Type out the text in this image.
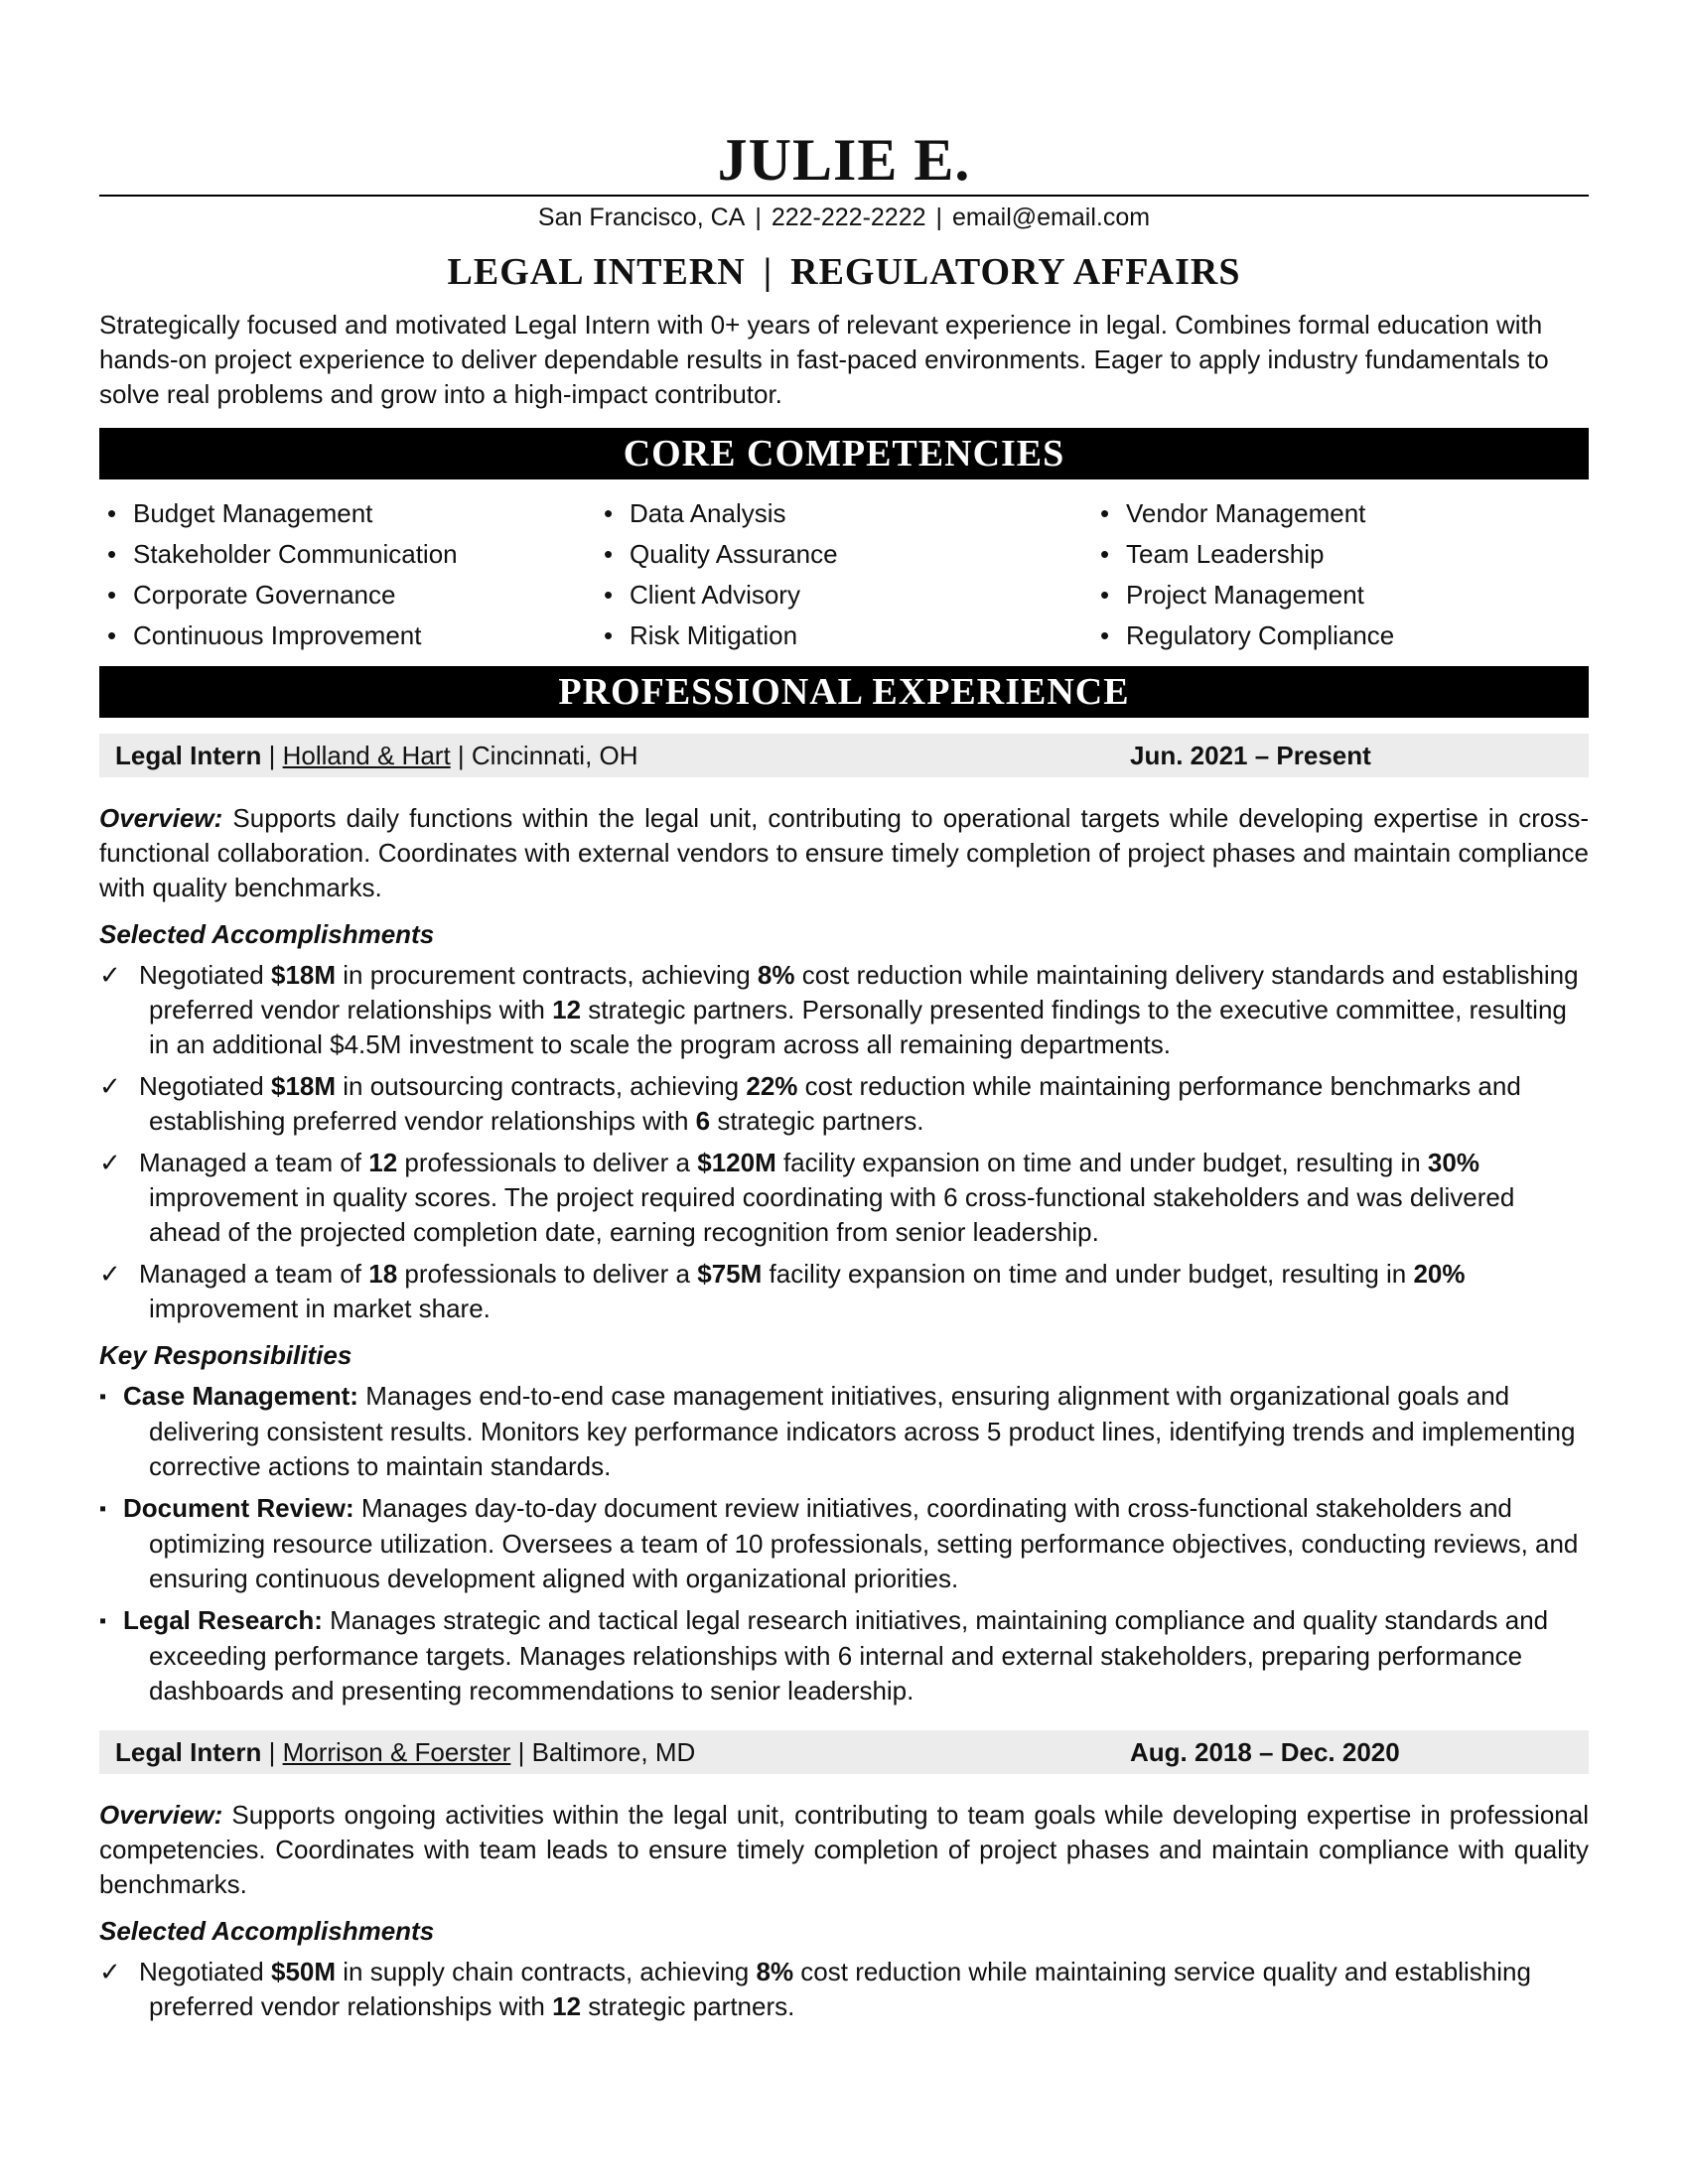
JULIE E.
San Francisco, CA | 222-222-2222 | email@email.com
LEGAL INTERN | REGULATORY AFFAIRS

Strategically focused and motivated Legal Intern with 0+ years of relevant experience in legal. Combines formal education with hands-on project experience to deliver dependable results in fast-paced environments. Eager to apply industry fundamentals to solve real problems and grow into a high-impact contributor.

CORE COMPETENCIES
• Budget Management
• Stakeholder Communication
• Corporate Governance
• Continuous Improvement
• Data Analysis
• Quality Assurance
• Client Advisory
• Risk Mitigation
• Vendor Management
• Team Leadership
• Project Management
• Regulatory Compliance
PROFESSIONAL EXPERIENCE
Legal Intern | Holland & Hart | Cincinnati, OH	Jun. 2021 – Present
Overview: Supports daily functions within the legal unit, contributing to operational targets while developing expertise in cross-functional collaboration. Coordinates with external vendors to ensure timely completion of project phases and maintain compliance with quality benchmarks.
Selected Accomplishments
✓ Negotiated $18M in procurement contracts, achieving 8% cost reduction while maintaining delivery standards and establishing preferred vendor relationships with 12 strategic partners. Personally presented findings to the executive committee, resulting in an additional $4.5M investment to scale the program across all remaining departments.
✓ Negotiated $18M in outsourcing contracts, achieving 22% cost reduction while maintaining performance benchmarks and establishing preferred vendor relationships with 6 strategic partners.
✓ Managed a team of 12 professionals to deliver a $120M facility expansion on time and under budget, resulting in 30% improvement in quality scores. The project required coordinating with 6 cross-functional stakeholders and was delivered ahead of the projected completion date, earning recognition from senior leadership.
✓ Managed a team of 18 professionals to deliver a $75M facility expansion on time and under budget, resulting in 20% improvement in market share.
Key Responsibilities
▪ Case Management: Manages end-to-end case management initiatives, ensuring alignment with organizational goals and delivering consistent results. Monitors key performance indicators across 5 product lines, identifying trends and implementing corrective actions to maintain standards.
▪ Document Review: Manages day-to-day document review initiatives, coordinating with cross-functional stakeholders and optimizing resource utilization. Oversees a team of 10 professionals, setting performance objectives, conducting reviews, and ensuring continuous development aligned with organizational priorities.
▪ Legal Research: Manages strategic and tactical legal research initiatives, maintaining compliance and quality standards and exceeding performance targets. Manages relationships with 6 internal and external stakeholders, preparing performance dashboards and presenting recommendations to senior leadership.
Legal Intern | Morrison & Foerster | Baltimore, MD	Aug. 2018 – Dec. 2020
Overview: Supports ongoing activities within the legal unit, contributing to team goals while developing expertise in professional competencies. Coordinates with team leads to ensure timely completion of project phases and maintain compliance with quality benchmarks.
Selected Accomplishments
✓ Negotiated $50M in supply chain contracts, achieving 8% cost reduction while maintaining service quality and establishing preferred vendor relationships with 12 strategic partners.
